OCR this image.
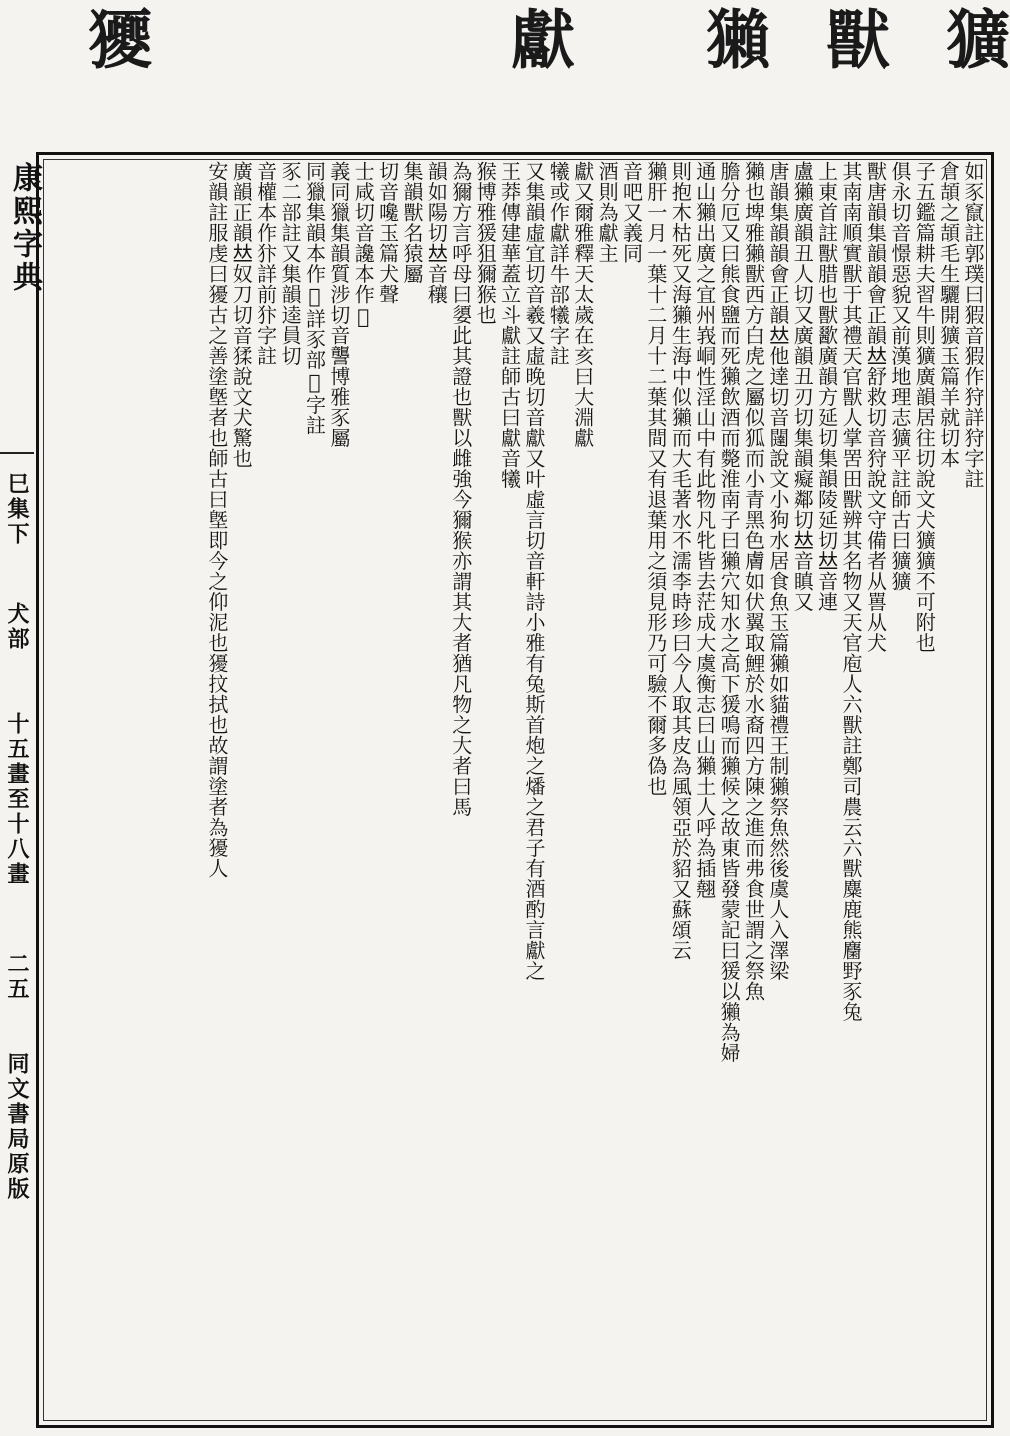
獷
獸
獺
獻
獿
康熙字典
巳集下
犬部
十五畫至十八畫
二五
同文書局原版
如豕竄註郭璞曰猳音猳作狩詳狩字註
倉頡之頡毛生驪開獷玉篇羊就切本
子五鑑篇耕夫習牛則獷廣韻居往切說文犬獷獷不可附也
俱永切音憬惡貌又前漢地理志獷平註師古曰獷獷
獸唐韻集韻韻會正韻𠀤舒救切音狩說文守備者从嘼从犬
其南南順實獸于其禮天官獸人掌罟田獸辨其名物又天官庖人六獸註鄭司農云六獸麋鹿熊麕野豕兔
上東首註獸腊也獸歠廣韻方延切集韻陵延切𠀤音連
盧獺廣韻丑人切又廣韻丑刃切集韻癡鄰切𠀤音瞋又
唐韻集韻韻會正韻𠀤他達切音闥說文小狗水居食魚玉篇獺如貓禮王制獺祭魚然後虞人入澤梁
獺也埤雅獺獸西方白虎之屬似狐而小青黑色膚如伏翼取鯉於水裔四方陳之進而弗食世謂之祭魚
膽分厄又曰熊食鹽而死獺飲酒而斃淮南子曰獺穴知水之高下猨鳴而獺候之故東皆發蒙記曰猨以獺為婦
通山獺出廣之宜州峩峒性淫山中有此物凡牝皆去茫成大虞衡志曰山獺土人呼為插翹
則抱木枯死又海獺生海中似獺而大毛著水不濡李時珍曰今人取其皮為風領亞於貂又蘇頌云
獺肝一月一葉十二月十二葉其間又有退葉用之須見形乃可驗不爾多偽也
音吧又義同
酒則為獻主
獻又爾雅釋天太歲在亥曰大淵獻
犧或作獻詳牛部犧字註
又集韻虛宜切音羲又虛晚切音獻又叶虛言切音軒詩小雅有兔斯首炮之燔之君子有酒酌言獻之
王莽傳建華蓋立斗獻註師古曰獻音犧
猴博雅猨狙獮猴也
為獮方言呼母曰嬃此其證也獸以雌強今獮猴亦謂其大者猶凡物之大者曰馬
韻如陽切𠀤音穰
集韻獸名猿屬
切音嚵玉篇犬聲
士咸切音讒本作𤠢
義同獵集韻質涉切音讋博雅豕屬
同獵集韻本作𤠢詳豕部𤠢字註
豕二部註又集韻逵員切
音權本作犿詳前犿字註
廣韻正韻𠀤奴刀切音猱說文犬驚也
安韻註服虔曰獶古之善塗墍者也師古曰墍即今之仰泥也獶抆拭也故謂塗者為獶人
